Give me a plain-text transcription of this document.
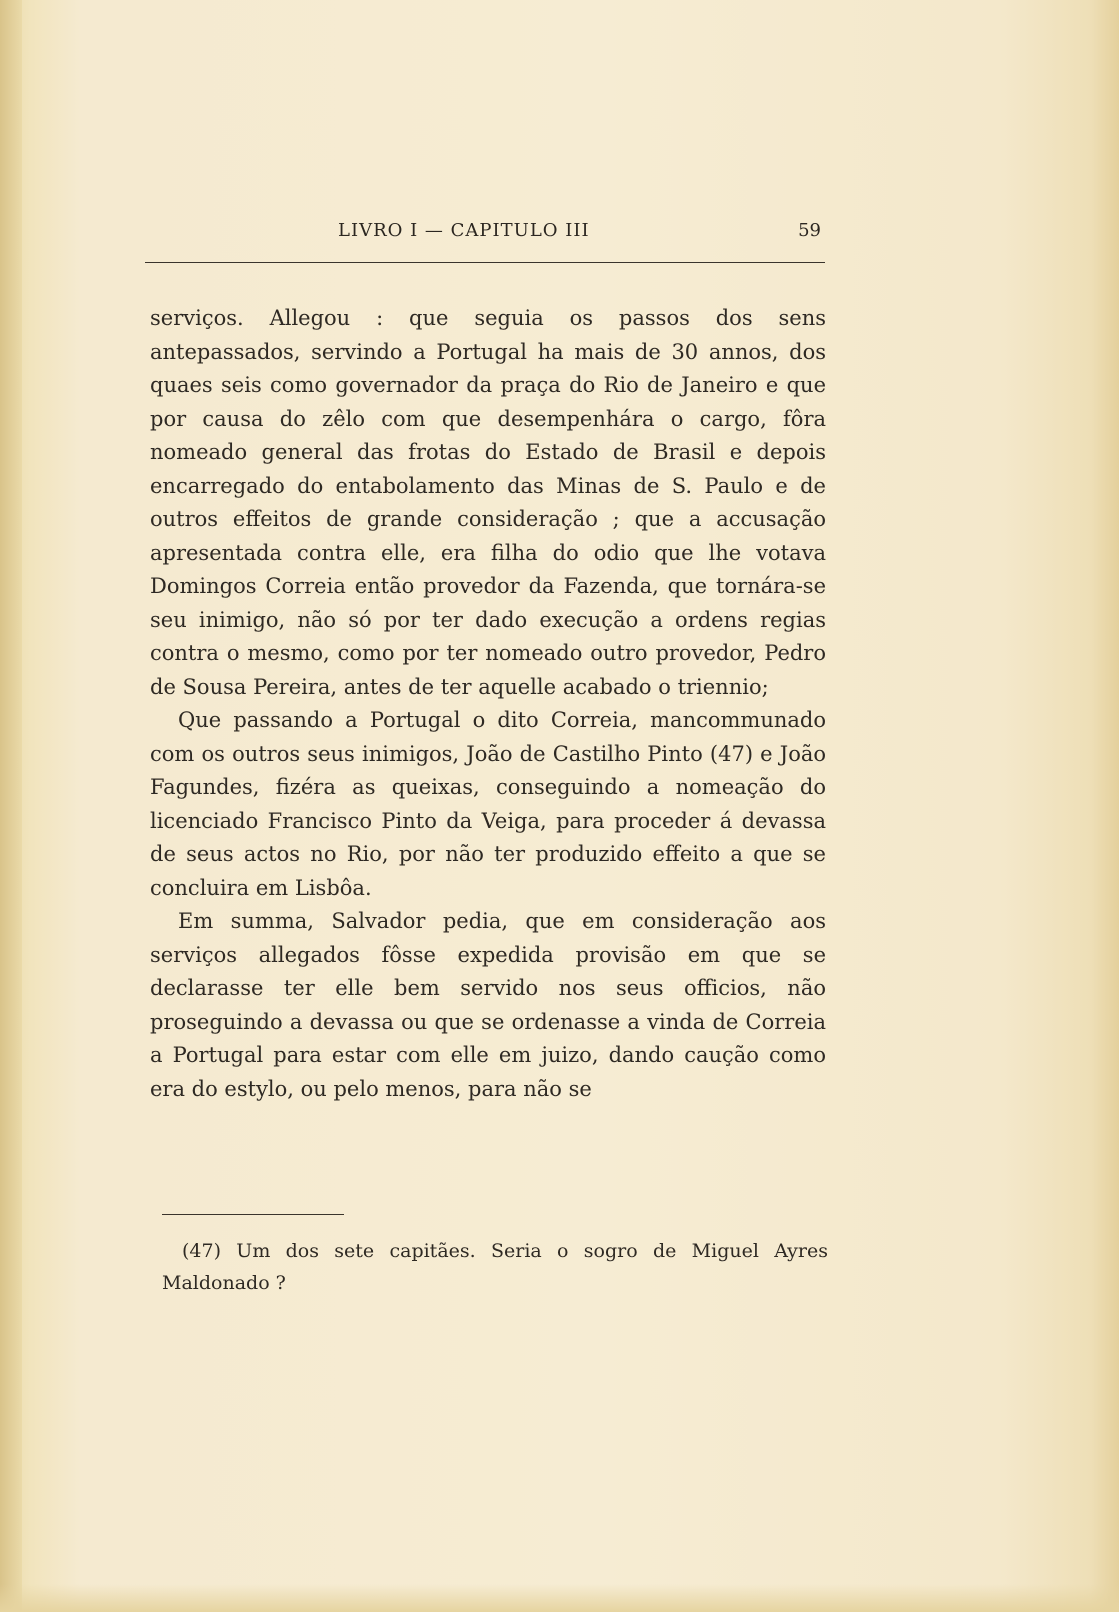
LIVRO I — CAPITULO III	59

serviços. Allegou : que seguia os passos dos sens antepassados, servindo a Portugal ha mais de 30 annos, dos quaes seis como governador da praça do Rio de Janeiro e que por causa do zêlo com que desempenhára o cargo, fôra nomeado general das frotas do Estado de Brasil e depois encarregado do entabolamento das Minas de S. Paulo e de outros effeitos de grande consideração ; que a accusação apresentada contra elle, era filha do odio que lhe votava Domingos Correia então provedor da Fazenda, que tornára-se seu inimigo, não só por ter dado execução a ordens regias contra o mesmo, como por ter nomeado outro provedor, Pedro de Sousa Pereira, antes de ter aquelle acabado o triennio;

Que passando a Portugal o dito Correia, mancommunado com os outros seus inimigos, João de Castilho Pinto (47) e João Fagundes, fizéra as queixas, conseguindo a nomeação do licenciado Francisco Pinto da Veiga, para proceder á devassa de seus actos no Rio, por não ter produzido effeito a que se concluira em Lisbôa.

Em summa, Salvador pedia, que em consideração aos serviços allegados fôsse expedida provisão em que se declarasse ter elle bem servido nos seus officios, não proseguindo a devassa ou que se ordenasse a vinda de Correia a Portugal para estar com elle em juizo, dando caução como era do estylo, ou pelo menos, para não se

(47) Um dos sete capitães. Seria o sogro de Miguel Ayres Maldonado ?
